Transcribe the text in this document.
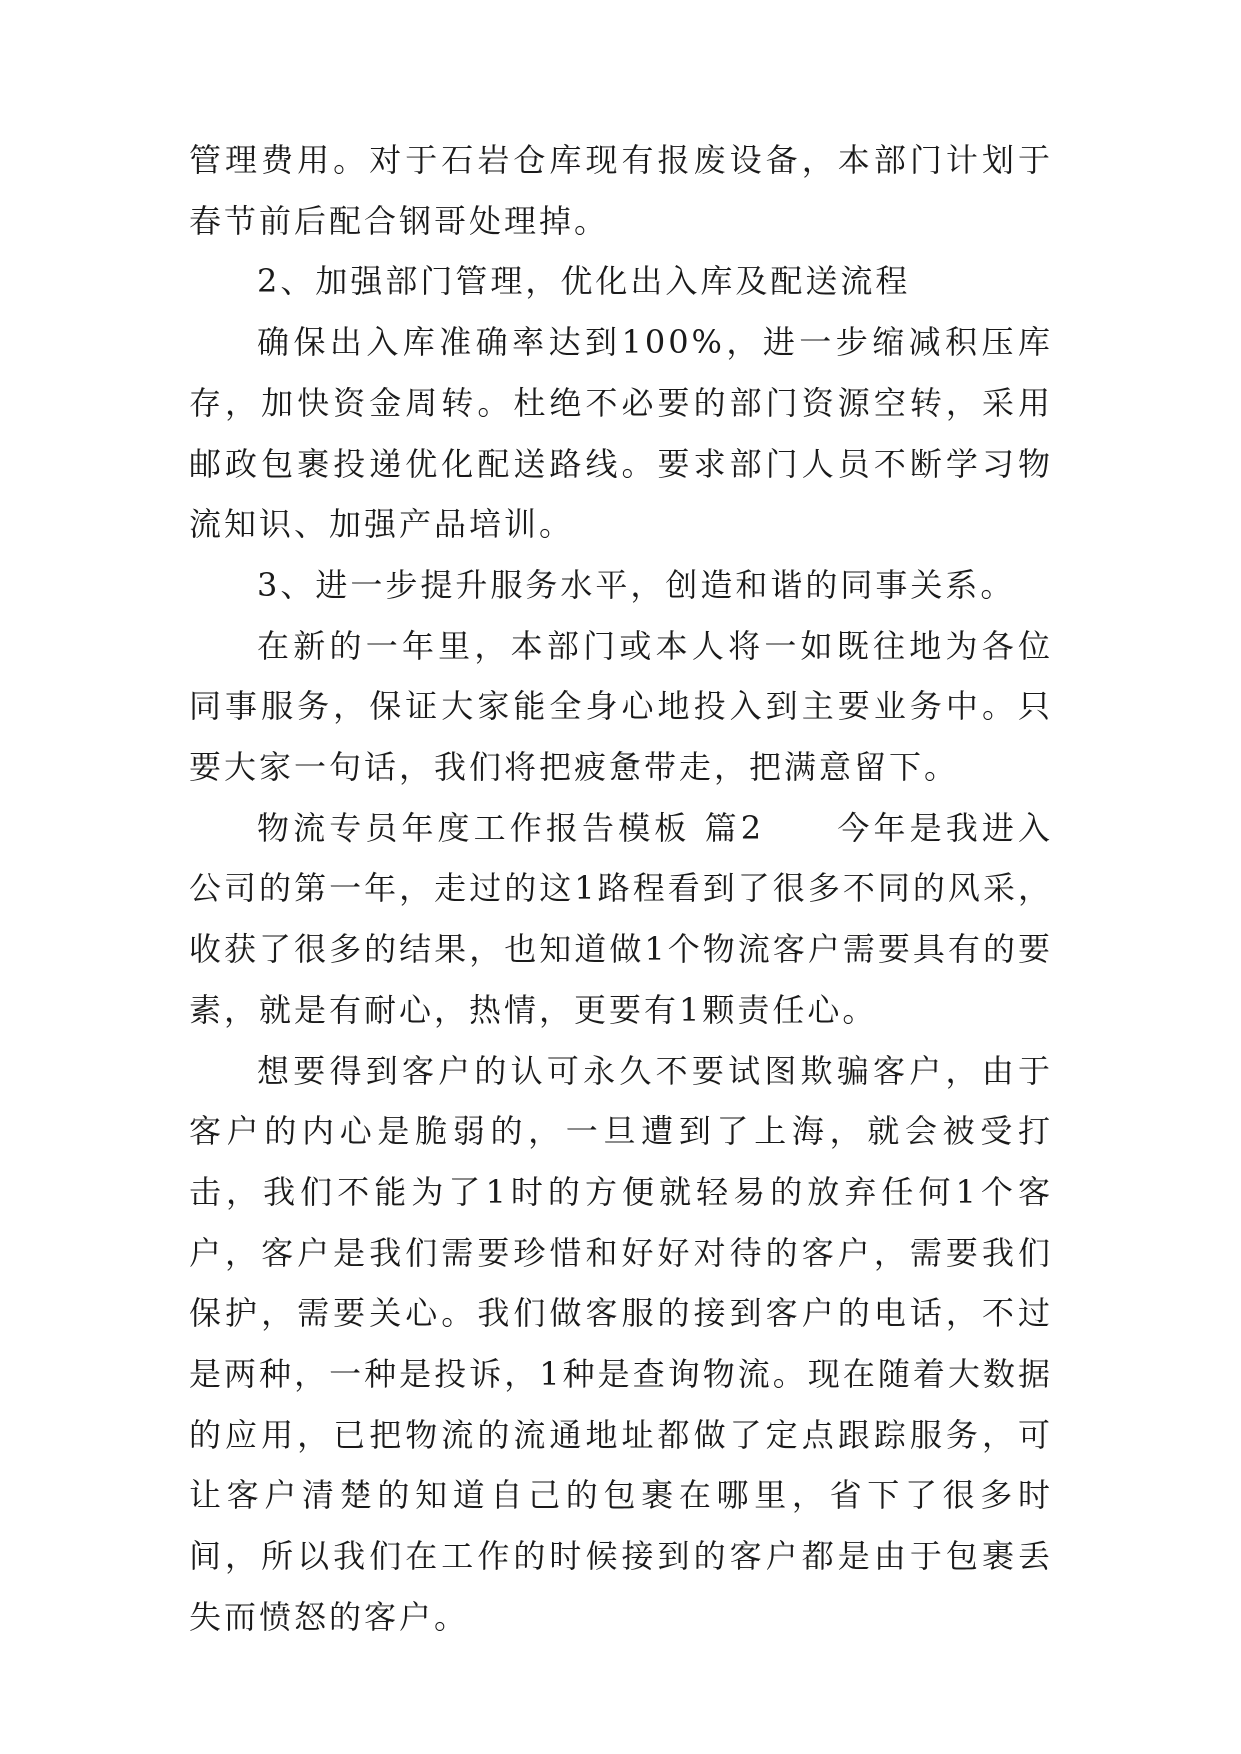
管理费用。对于石岩仓库现有报废设备，本部门计划于春节前后配合钢哥处理掉。

2、加强部门管理，优化出入库及配送流程

确保出入库准确率达到100%，进一步缩减积压库存，加快资金周转。杜绝不必要的部门资源空转，采用邮政包裹投递优化配送路线。要求部门人员不断学习物流知识、加强产品培训。

3、进一步提升服务水平，创造和谐的同事关系。

在新的一年里，本部门或本人将一如既往地为各位同事服务，保证大家能全身心地投入到主要业务中。只要大家一句话，我们将把疲惫带走，把满意留下。

物流专员年度工作报告模板 篇2　　今年是我进入公司的第一年，走过的这1路程看到了很多不同的风采，收获了很多的结果，也知道做1个物流客户需要具有的要素，就是有耐心，热情，更要有1颗责任心。

想要得到客户的认可永久不要试图欺骗客户，由于客户的内心是脆弱的，一旦遭到了上海，就会被受打击，我们不能为了1时的方便就轻易的放弃任何1个客户，客户是我们需要珍惜和好好对待的客户，需要我们保护，需要关心。我们做客服的接到客户的电话，不过是两种，一种是投诉，1种是查询物流。现在随着大数据的应用，已把物流的流通地址都做了定点跟踪服务，可让客户清楚的知道自己的包裹在哪里，省下了很多时间，所以我们在工作的时候接到的客户都是由于包裹丢失而愤怒的客户。
